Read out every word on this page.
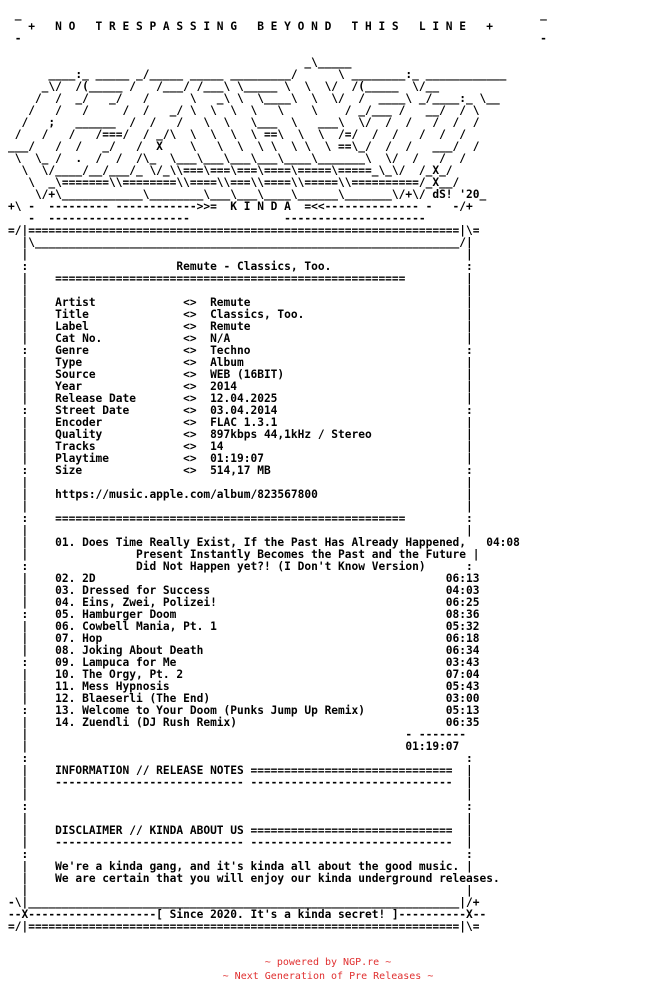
_                                                                             _
+   N O   T R E S P A S S I N G   B E Y O N D   T H I S   L I N E   +
-                                                                             -

_\_____
____:_ _____ _/_____ _____ _________/      \ ________:_ ____________
_\/  /(_____ /   /___/ /___\ \_____ \  \  \/  /(_____  \/__
/  /  _/   _/   /      \   _\ \  \____\  \  \/  /  ____\ _/____:_ \__
/   /   /     /  /   _/ \  \  \  \   \    \    / _/___ /   __/  / \
/   ;   ______  /  /   /   \  \   \___  \   ___\  \/  /  /   /  /  /
/   /   /   /===/  / _/\  \  \  \  \ ==\  \  \  /=/  /  /   /  /  /
___/   /  /   _/   /  X    \   \  \  \ \  \ \  \ ==\_/  /  /   ___/  /
\  \_ /  .  /  /  /\_  \___\___\___\___\____\_______\  \/  /   /  /
\  \/____/__/___/_ \/_\\===\===\===\====\=====\=====_\_\/  /_X_/
\  _\=======\\========\\====\\===\\====\\=====\\==========/_X__/
\/+\____________\________\___\___\____\______\_______\/+\/ dS! '20_
+\ -  --------- ------------>>=  K I N D A  =<<-------------- -   -/+
-  ---------------------              ---------------------
=/|================================================================|\=
|\_______________________________________________________________/|
|                                                                 |
:                      Remute - Classics, Too.                    :
|    ====================================================         |
|                                                                 |
|    Artist             <>  Remute                                |
|    Title              <>  Classics, Too.                        |
|    Label              <>  Remute                                |
|    Cat No.            <>  N/A                                   |
:    Genre              <>  Techno                                :
|    Type               <>  Album                                 |
|    Source             <>  WEB (16BIT)                           |
|    Year               <>  2014                                  |
|    Release Date       <>  12.04.2025                            |
:    Street Date        <>  03.04.2014                            :
|    Encoder            <>  FLAC 1.3.1                            |
|    Quality            <>  897kbps 44,1kHz / Stereo              |
|    Tracks             <>  14                                    |
|    Playtime           <>  01:19:07                              |
:    Size               <>  514,17 MB                             :
|                                                                 |
|    https://music.apple.com/album/823567800                      |
|                                                                 |
:    ====================================================         :
|                                                                 |
|    01. Does Time Really Exist, If the Past Has Already Happened,   04:08
|                Present Instantly Becomes the Past and the Future |
:                Did Not Happen yet?! (I Don't Know Version)      :
|    02. 2D                                                    06:13
|    03. Dressed for Success                                   04:03
|    04. Eins, Zwei, Polizei!                                  06:25
:    05. Hamburger Doom                                        08:36
|    06. Cowbell Mania, Pt. 1                                  05:32
|    07. Hop                                                   06:18
|    08. Joking About Death                                    06:34
:    09. Lampuca for Me                                        03:43
|    10. The Orgy, Pt. 2                                       07:04
|    11. Mess Hypnosis                                         05:43
|    12. Blaeserli (The End)                                   03:00
:    13. Welcome to Your Doom (Punks Jump Up Remix)            05:13
|    14. Zuendli (DJ Rush Remix)                               06:35
|                                                        - -------
|                                                        01:19:07
:                                                                 :
|    INFORMATION // RELEASE NOTES ==============================  |
|    ---------------------------- ------------------------------  |
|                                                                 |
:                                                                 :
|                                                                 |
|    DISCLAIMER // KINDA ABOUT US ==============================  |
|    ---------------------------- ------------------------------  |
:                                                                 :
|    We're a kinda gang, and it's kinda all about the good music. |
|    We are certain that you will enjoy our kinda underground releases.
|                                                                 |
-\|________________________________________________________________|/+
--X-------------------[ Since 2020. It's a kinda secret! ]----------X--
=/|================================================================|\=
~ powered by NGP.re ~
~ Next Generation of Pre Releases ~
